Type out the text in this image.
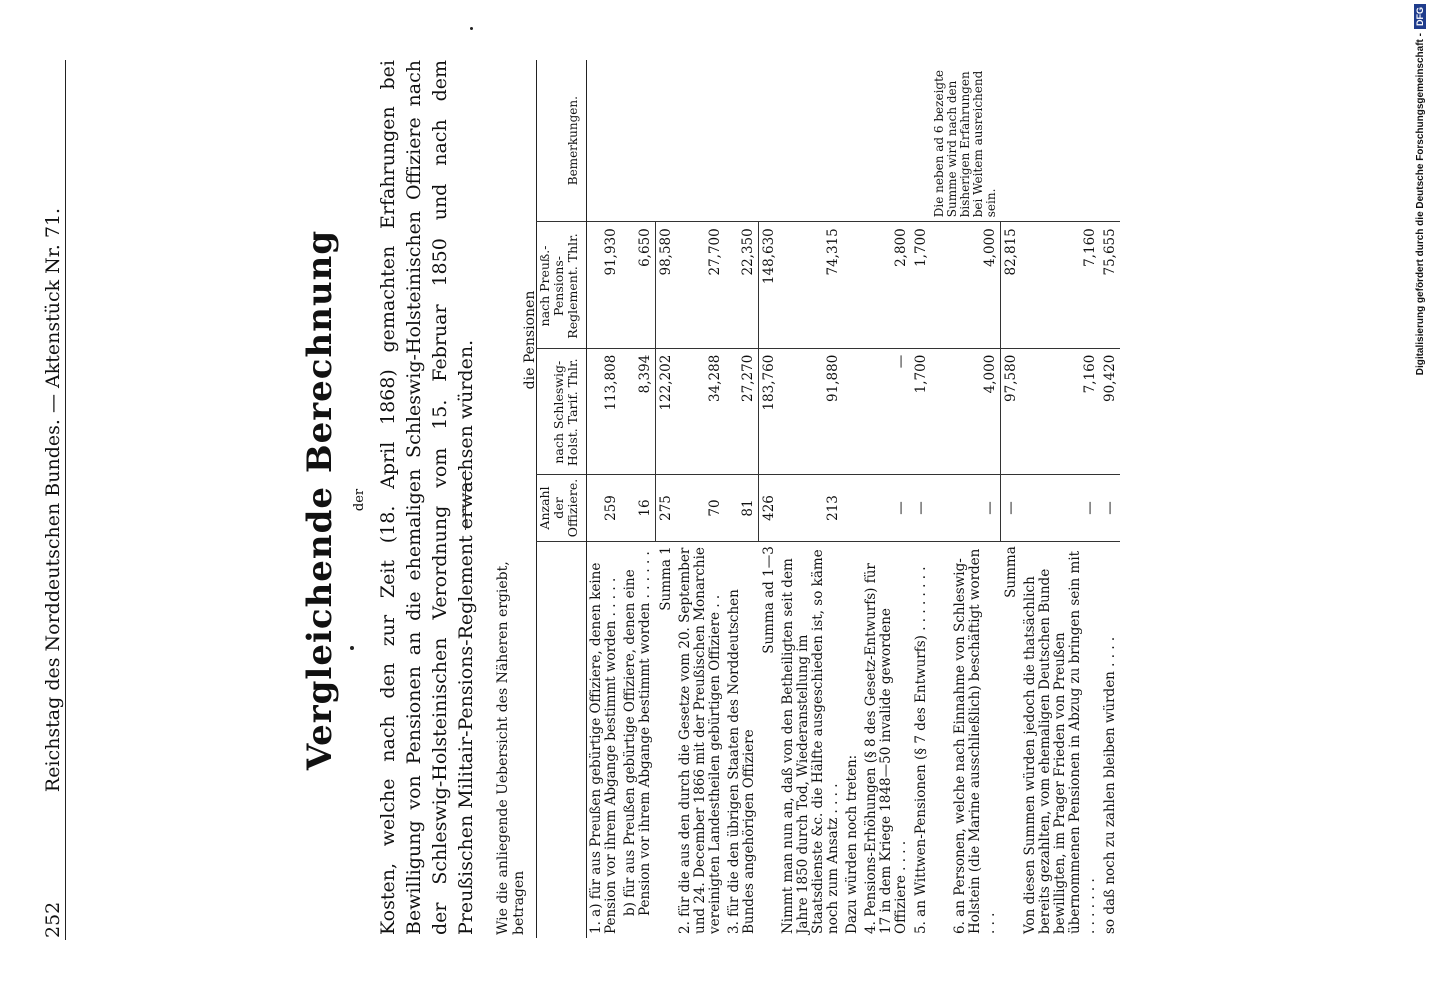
252
Reichstag des Norddeutschen Bundes. — Aktenstück Nr. 71.	Vergleichende Berechnung der Kosten, welche nach den zur Zeit (18. April 1868) gemachten Erfahrungen bei Bewilligung von Pensionen an die ehemaligen Schleswig-Holsteinischen Offiziere nach der Schleswig-Holsteinischen Verordnung vom 15. Februar 1850 und nach dem Preußischen Militair-Pensions-Reglement erwachsen würden. Wie die anliegende Uebersicht des Näheren ergiebt, betragen
die Pensionen
	Anzahl der Offiziere.	nach Schleswig-Holst. Tarif. Thlr.	nach Preuß.-Pensions-Reglement. Thlr.	Bemerkungen.
1. a) für aus Preußen gebürtige Offiziere, denen keine Pension vor ihrem Abgange bestimmt worden . . . . .	259	113,808	91,930	
b) für aus Preußen gebürtige Offiziere, denen eine Pension vor ihrem Abgange bestimmt worden . . . . . .	16	8,394	6,650	
Summa 1	275	122,202	98,580	
2. für die aus den durch die Gesetze vom 20. September und 24. December 1866 mit der Preußischen Monarchie vereinigten Landestheilen gebürtigen Offiziere . .	70	34,288	27,700	
3. für die den übrigen Staaten des Norddeutschen Bundes angehörigen Offiziere	81	27,270	22,350	
Summa ad 1—3	426	183,760	148,630	
Nimmt man nun an, daß von den Betheiligten seit dem Jahre 1850 durch Tod, Wiederanstellung im Staatsdienste &c. die Hälfte ausgeschieden ist, so käme noch zum Ansatz . . . .	213	91,880	74,315	
Dazu würden noch treten:				
4. Pensions-Erhöhungen (§ 8 des Gesetz-Entwurfs) für 17 in dem Kriege 1848—50 invalide gewordene Offiziere . . . .	—	—	2,800	
5. an Wittwen-Pensionen (§ 7 des Entwurfs) . . . . . . . .	—	1,700	1,700	
6. an Personen, welche nach Einnahme von Schleswig-Holstein (die Marine ausschließlich) beschäftigt worden . . .	—	4,000	4,000	Die neben ad 6 bezeigte Summe wird nach den bisherigen Erfahrungen bei Weitem ausreichend sein.
Summa	—	97,580	82,815	
Von diesen Summen würden jedoch die thatsächlich bereits gezahlten, vom ehemaligen Deutschen Bunde bewilligten, im Prager Frieden von Preußen übernommenen Pensionen in Abzug zu bringen sein mit . . . . . . .	—	7,160	7,160	
so daß noch zu zahlen bleiben würden . . . .	—	90,420	75,655		Digitalisierung gefördert durch die Deutsche Forschungsgemeinschaft -DFG
